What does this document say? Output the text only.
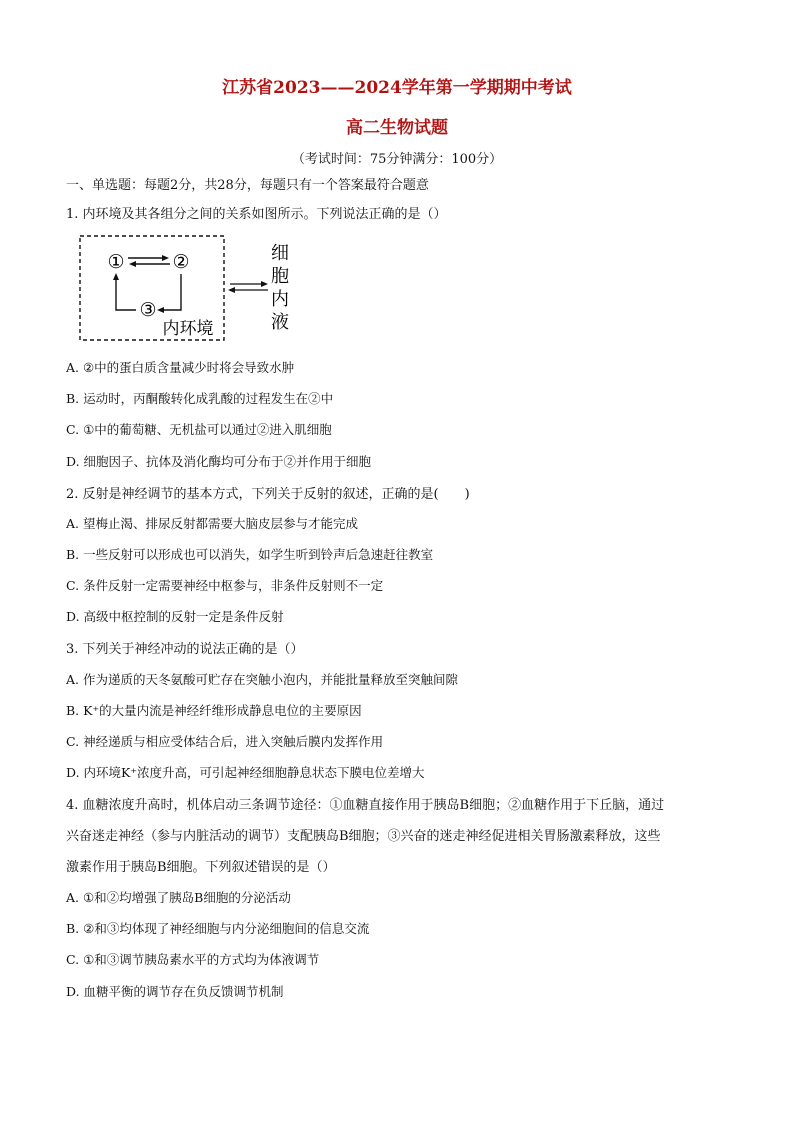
江苏省2023——2024学年第一学期期中考试
高二生物试题
（考试时间：75分钟满分：100分）
一、单选题：每题2分，共28分，每题只有一个答案最符合题意
1. 内环境及其各组分之间的关系如图所示。下列说法正确的是（）
①	②
③
内环境
细
胞
内
液
A. ②中的蛋白质含量减少时将会导致水肿
B. 运动时，丙酮酸转化成乳酸的过程发生在②中
C. ①中的葡萄糖、无机盐可以通过②进入肌细胞
D. 细胞因子、抗体及消化酶均可分布于②并作用于细胞
2. 反射是神经调节的基本方式，下列关于反射的叙述，正确的是(　　)
A. 望梅止渴、排尿反射都需要大脑皮层参与才能完成
B. 一些反射可以形成也可以消失，如学生听到铃声后急速赶往教室
C. 条件反射一定需要神经中枢参与，非条件反射则不一定
D. 高级中枢控制的反射一定是条件反射
3. 下列关于神经冲动的说法正确的是（）
A. 作为递质的天冬氨酸可贮存在突触小泡内，并能批量释放至突触间隙
B. K⁺的大量内流是神经纤维形成静息电位的主要原因
C. 神经递质与相应受体结合后，进入突触后膜内发挥作用
D. 内环境K⁺浓度升高，可引起神经细胞静息状态下膜电位差增大
4. 血糖浓度升高时，机体启动三条调节途径：①血糖直接作用于胰岛B细胞；②血糖作用于下丘脑，通过
兴奋迷走神经（参与内脏活动的调节）支配胰岛B细胞；③兴奋的迷走神经促进相关胃肠激素释放，这些
激素作用于胰岛B细胞。下列叙述错误的是（）
A. ①和②均增强了胰岛B细胞的分泌活动
B. ②和③均体现了神经细胞与内分泌细胞间的信息交流
C. ①和③调节胰岛素水平的方式均为体液调节
D. 血糖平衡的调节存在负反馈调节机制
